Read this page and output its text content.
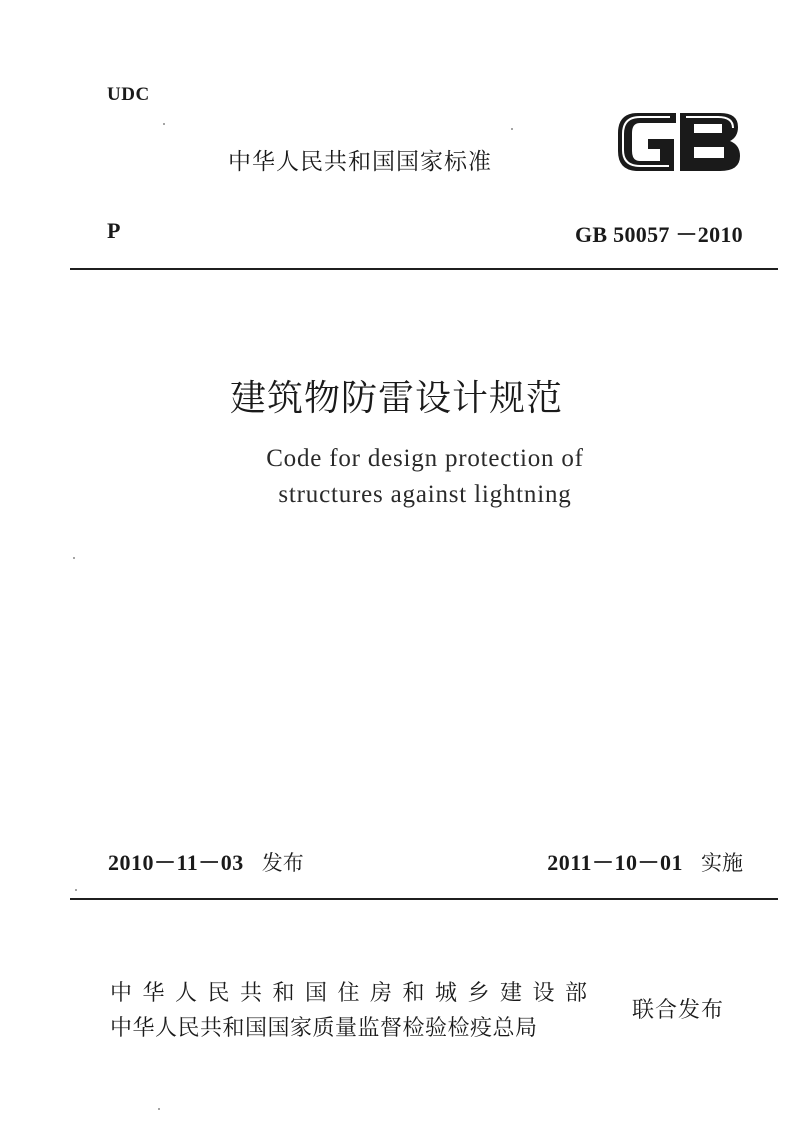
UDC
中华人民共和国国家标准
P	GB 50057 －2010
建筑物防雷设计规范
Code for design protection of
structures against lightning
2010－11－03 发布	2011－10－01 实施
中华人民共和国住房和城乡建设部
中华人民共和国国家质量监督检验检疫总局
联合发布
